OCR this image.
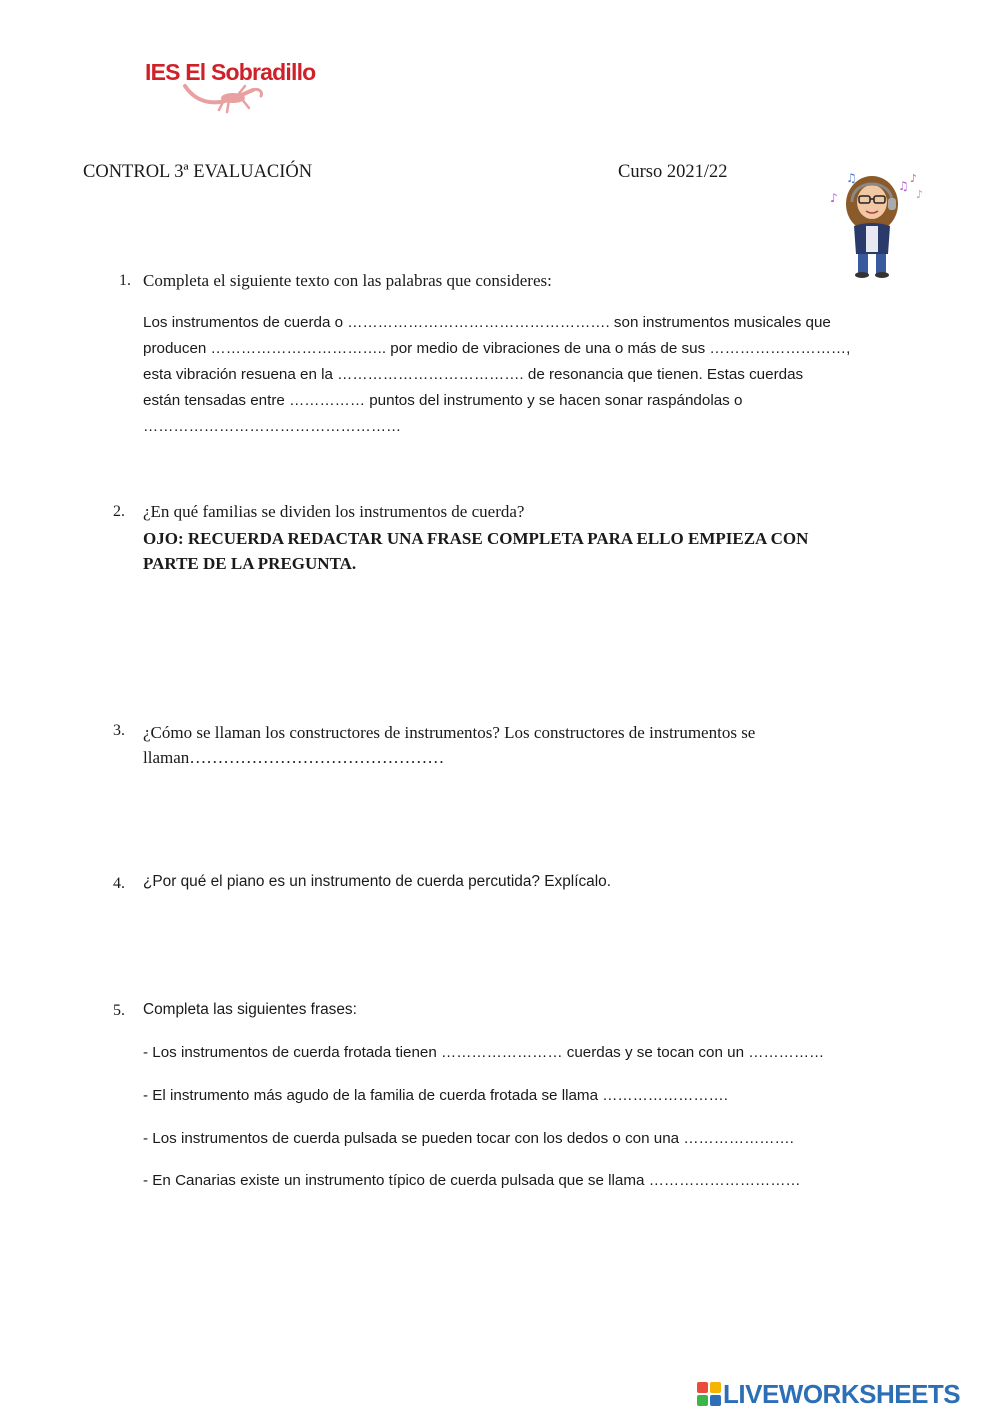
IES El Sobradillo
CONTROL 3ª EVALUACIÓN	Curso 2021/22
♪
♫
♫
♪
♪
1. Completa el siguiente texto con las palabras que consideres:
Los instrumentos de cuerda o ……………………………………………. son instrumentos musicales que
producen …………………………….. por medio de vibraciones de una o más de sus ………………………,
esta vibración resuena en la ………………………………. de resonancia que tienen. Estas cuerdas
están tensadas entre …………… puntos del instrumento y se hacen sonar raspándolas o
……………………………………………
2. ¿En qué familias se dividen los instrumentos de cuerda?
OJO: RECUERDA REDACTAR UNA FRASE COMPLETA PARA ELLO EMPIEZA CON PARTE DE LA PREGUNTA.
3. ¿Cómo se llaman los constructores de instrumentos? Los constructores de instrumentos se llaman………………………………………
4. ¿Por qué el piano es un instrumento de cuerda percutida? Explícalo.
5. Completa las siguientes frases:
- Los instrumentos de cuerda frotada tienen …………………… cuerdas y se tocan con un ……………
- El instrumento más agudo de la familia de cuerda frotada se llama …………………….
- Los instrumentos de cuerda pulsada se pueden tocar con los dedos o con una ………………….
- En Canarias existe un instrumento típico de cuerda pulsada que se llama …………………………
LIVEWORKSHEETS
